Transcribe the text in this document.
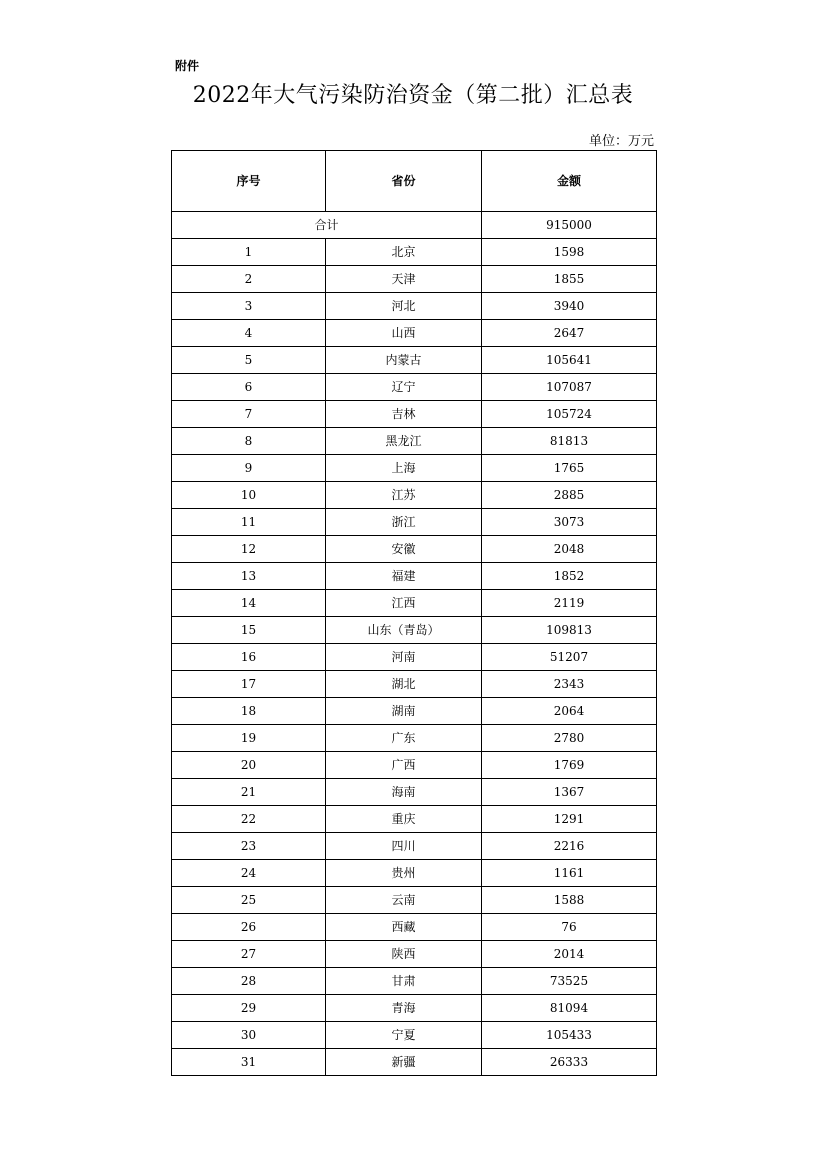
附件
2022年大气污染防治资金（第二批）汇总表
单位：万元
序号	省份	金额
合计		915000
1	北京	1598
2	天津	1855
3	河北	3940
4	山西	2647
5	内蒙古	105641
6	辽宁	107087
7	吉林	105724
8	黑龙江	81813
9	上海	1765
10	江苏	2885
11	浙江	3073
12	安徽	2048
13	福建	1852
14	江西	2119
15	山东（青岛）	109813
16	河南	51207
17	湖北	2343
18	湖南	2064
19	广东	2780
20	广西	1769
21	海南	1367
22	重庆	1291
23	四川	2216
24	贵州	1161
25	云南	1588
26	西藏	76
27	陕西	2014
28	甘肃	73525
29	青海	81094
30	宁夏	105433
31	新疆	26333
